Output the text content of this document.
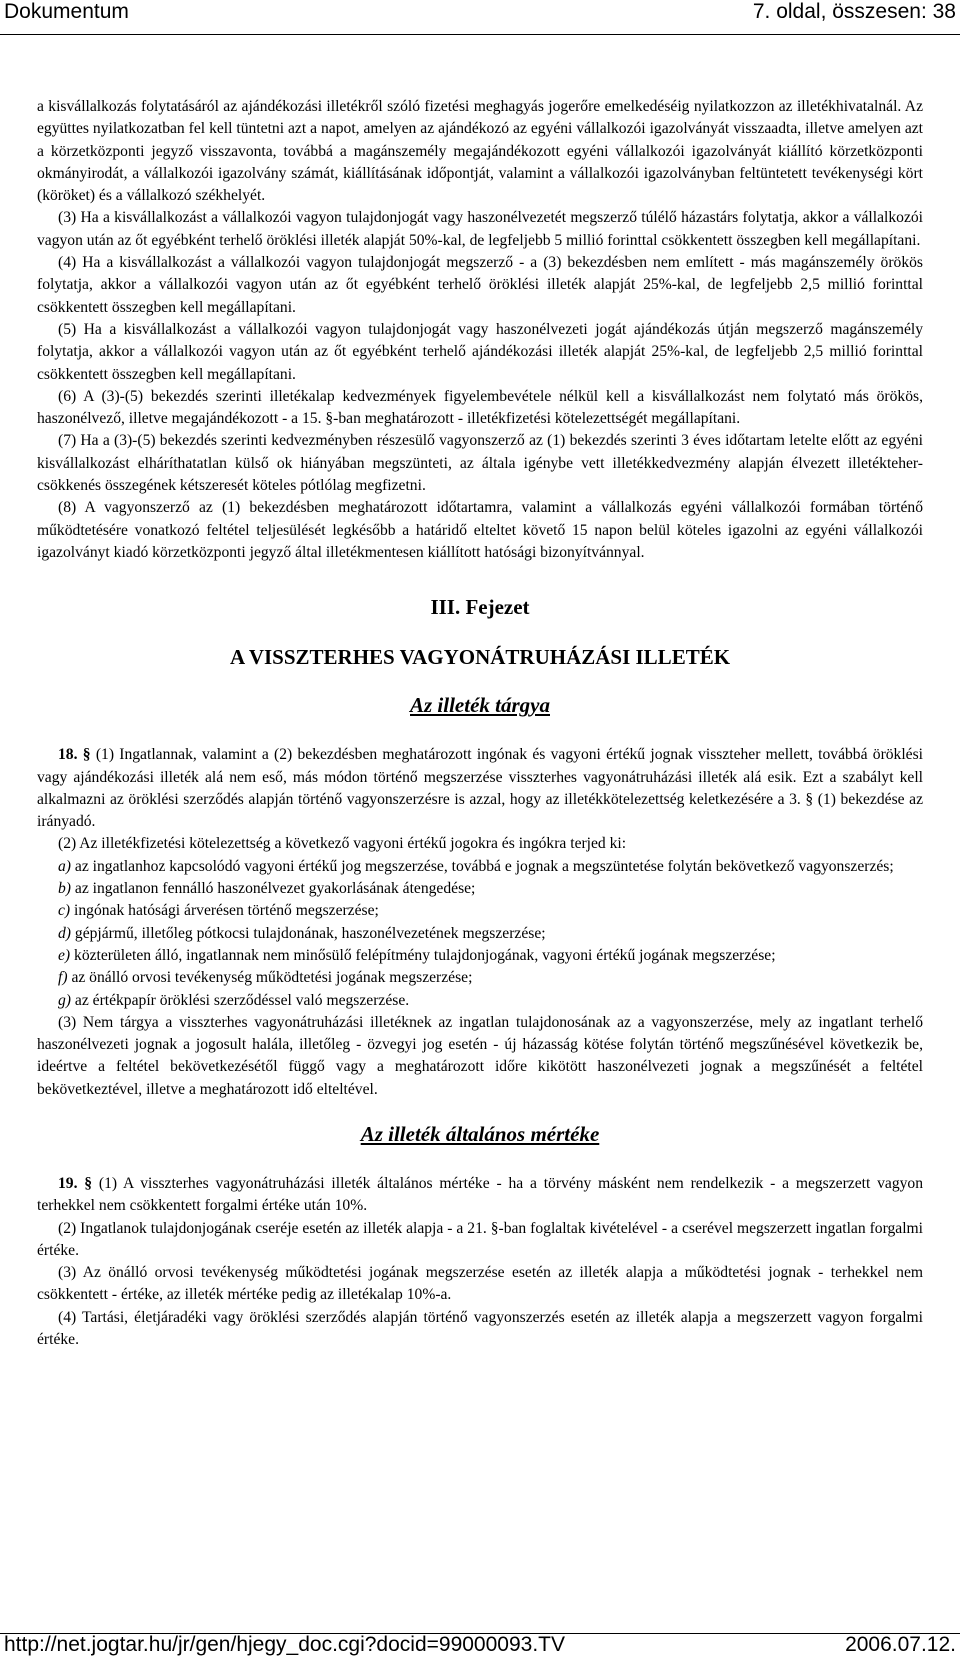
Dokumentum	7. oldal, összesen: 38

a kisvállalkozás folytatásáról az ajándékozási illetékről szóló fizetési meghagyás jogerőre emelkedéséig nyilatkozzon az illetékhivatalnál. Az együttes nyilatkozatban fel kell tüntetni azt a napot, amelyen az ajándékozó az egyéni vállalkozói igazolványát visszaadta, illetve amelyen azt a körzetközponti jegyző visszavonta, továbbá a magánszemély megajándékozott egyéni vállalkozói igazolványát kiállító körzetközponti okmányirodát, a vállalkozói igazolvány számát, kiállításának időpontját, valamint a vállalkozói igazolványban feltüntetett tevékenységi kört (köröket) és a vállalkozó székhelyét.

(3) Ha a kisvállalkozást a vállalkozói vagyon tulajdonjogát vagy haszonélvezetét megszerző túlélő házastárs folytatja, akkor a vállalkozói vagyon után az őt egyébként terhelő öröklési illeték alapját 50%-kal, de legfeljebb 5 millió forinttal csökkentett összegben kell megállapítani.

(4) Ha a kisvállalkozást a vállalkozói vagyon tulajdonjogát megszerző - a (3) bekezdésben nem említett - más magánszemély örökös folytatja, akkor a vállalkozói vagyon után az őt egyébként terhelő öröklési illeték alapját 25%-kal, de legfeljebb 2,5 millió forinttal csökkentett összegben kell megállapítani.

(5) Ha a kisvállalkozást a vállalkozói vagyon tulajdonjogát vagy haszonélvezeti jogát ajándékozás útján megszerző magánszemély folytatja, akkor a vállalkozói vagyon után az őt egyébként terhelő ajándékozási illeték alapját 25%-kal, de legfeljebb 2,5 millió forinttal csökkentett összegben kell megállapítani.

(6) A (3)-(5) bekezdés szerinti illetékalap kedvezmények figyelembevétele nélkül kell a kisvállalkozást nem folytató más örökös, haszonélvező, illetve megajándékozott - a 15. §-ban meghatározott - illetékfizetési kötelezettségét megállapítani.

(7) Ha a (3)-(5) bekezdés szerinti kedvezményben részesülő vagyonszerző az (1) bekezdés szerinti 3 éves időtartam letelte előtt az egyéni kisvállalkozást elháríthatatlan külső ok hiányában megszünteti, az általa igénybe vett illetékkedvezmény alapján élvezett illetékteher-csökkenés összegének kétszeresét köteles pótlólag megfizetni.

(8) A vagyonszerző az (1) bekezdésben meghatározott időtartamra, valamint a vállalkozás egyéni vállalkozói formában történő működtetésére vonatkozó feltétel teljesülését legkésőbb a határidő elteltet követő 15 napon belül köteles igazolni az egyéni vállalkozói igazolványt kiadó körzetközponti jegyző által illetékmentesen kiállított hatósági bizonyítvánnyal.

III. Fejezet

A VISSZTERHES VAGYONÁTRUHÁZÁSI ILLETÉK

Az illeték tárgya

18. § (1) Ingatlannak, valamint a (2) bekezdésben meghatározott ingónak és vagyoni értékű jognak visszteher mellett, továbbá öröklési vagy ajándékozási illeték alá nem eső, más módon történő megszerzése visszterhes vagyonátruházási illeték alá esik. Ezt a szabályt kell alkalmazni az öröklési szerződés alapján történő vagyonszerzésre is azzal, hogy az illetékkötelezettség keletkezésére a 3. § (1) bekezdése az irányadó.

(2) Az illetékfizetési kötelezettség a következő vagyoni értékű jogokra és ingókra terjed ki:

a) az ingatlanhoz kapcsolódó vagyoni értékű jog megszerzése, továbbá e jognak a megszüntetése folytán bekövetkező vagyonszerzés;

b) az ingatlanon fennálló haszonélvezet gyakorlásának átengedése;

c) ingónak hatósági árverésen történő megszerzése;

d) gépjármű, illetőleg pótkocsi tulajdonának, haszonélvezetének megszerzése;

e) közterületen álló, ingatlannak nem minősülő felépítmény tulajdonjogának, vagyoni értékű jogának megszerzése;

f) az önálló orvosi tevékenység működtetési jogának megszerzése;

g) az értékpapír öröklési szerződéssel való megszerzése.

(3) Nem tárgya a visszterhes vagyonátruházási illetéknek az ingatlan tulajdonosának az a vagyonszerzése, mely az ingatlant terhelő haszonélvezeti jognak a jogosult halála, illetőleg - özvegyi jog esetén - új házasság kötése folytán történő megszűnésével következik be, ideértve a feltétel bekövetkezésétől függő vagy a meghatározott időre kikötött haszonélvezeti jognak a megszűnését a feltétel bekövetkeztével, illetve a meghatározott idő elteltével.

Az illeték általános mértéke

19. § (1) A visszterhes vagyonátruházási illeték általános mértéke - ha a törvény másként nem rendelkezik - a megszerzett vagyon terhekkel nem csökkentett forgalmi értéke után 10%.

(2) Ingatlanok tulajdonjogának cseréje esetén az illeték alapja - a 21. §-ban foglaltak kivételével - a cserével megszerzett ingatlan forgalmi értéke.

(3) Az önálló orvosi tevékenység működtetési jogának megszerzése esetén az illeték alapja a működtetési jognak - terhekkel nem csökkentett - értéke, az illeték mértéke pedig az illetékalap 10%-a.

(4) Tartási, életjáradéki vagy öröklési szerződés alapján történő vagyonszerzés esetén az illeték alapja a megszerzett vagyon forgalmi értéke.

http://net.jogtar.hu/jr/gen/hjegy_doc.cgi?docid=99000093.TV	2006.07.12.
